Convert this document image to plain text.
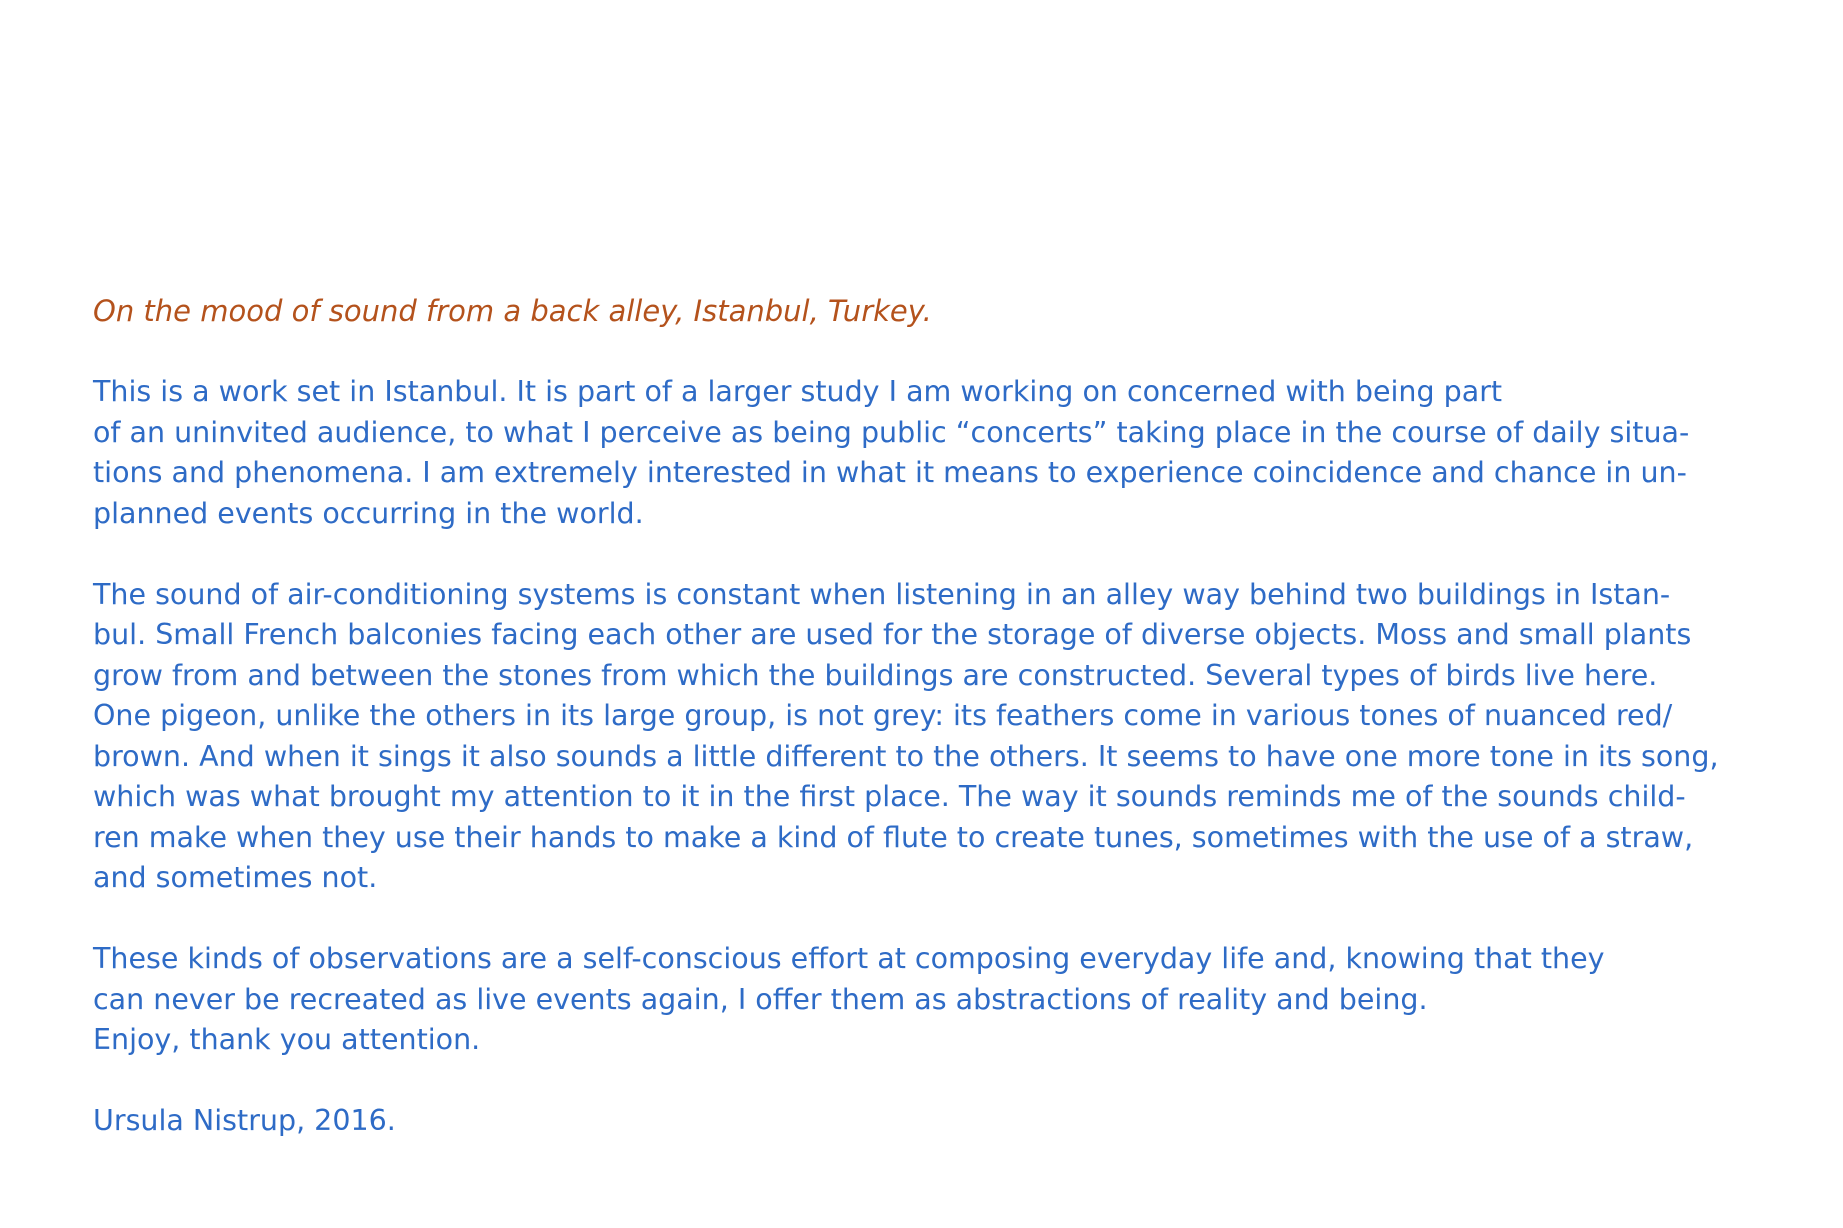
On the mood of sound from a back alley, Istanbul, Turkey.

This is a work set in Istanbul. It is part of a larger study I am working on concerned with being part
of an uninvited audience, to what I perceive as being public “concerts” taking place in the course of daily situa-
tions and phenomena. I am extremely interested in what it means to experience coincidence and chance in un-
planned events occurring in the world.

The sound of air-conditioning systems is constant when listening in an alley way behind two buildings in Istan-
bul. Small French balconies facing each other are used for the storage of diverse objects. Moss and small plants
grow from and between the stones from which the buildings are constructed. Several types of birds live here.
One pigeon, unlike the others in its large group, is not grey: its feathers come in various tones of nuanced red/
brown. And when it sings it also sounds a little different to the others. It seems to have one more tone in its song,
which was what brought my attention to it in the first place. The way it sounds reminds me of the sounds child-
ren make when they use their hands to make a kind of flute to create tunes, sometimes with the use of a straw,
and sometimes not.

These kinds of observations are a self-conscious effort at composing everyday life and, knowing that they
can never be recreated as live events again, I offer them as abstractions of reality and being.
Enjoy, thank you attention.

Ursula Nistrup, 2016.
